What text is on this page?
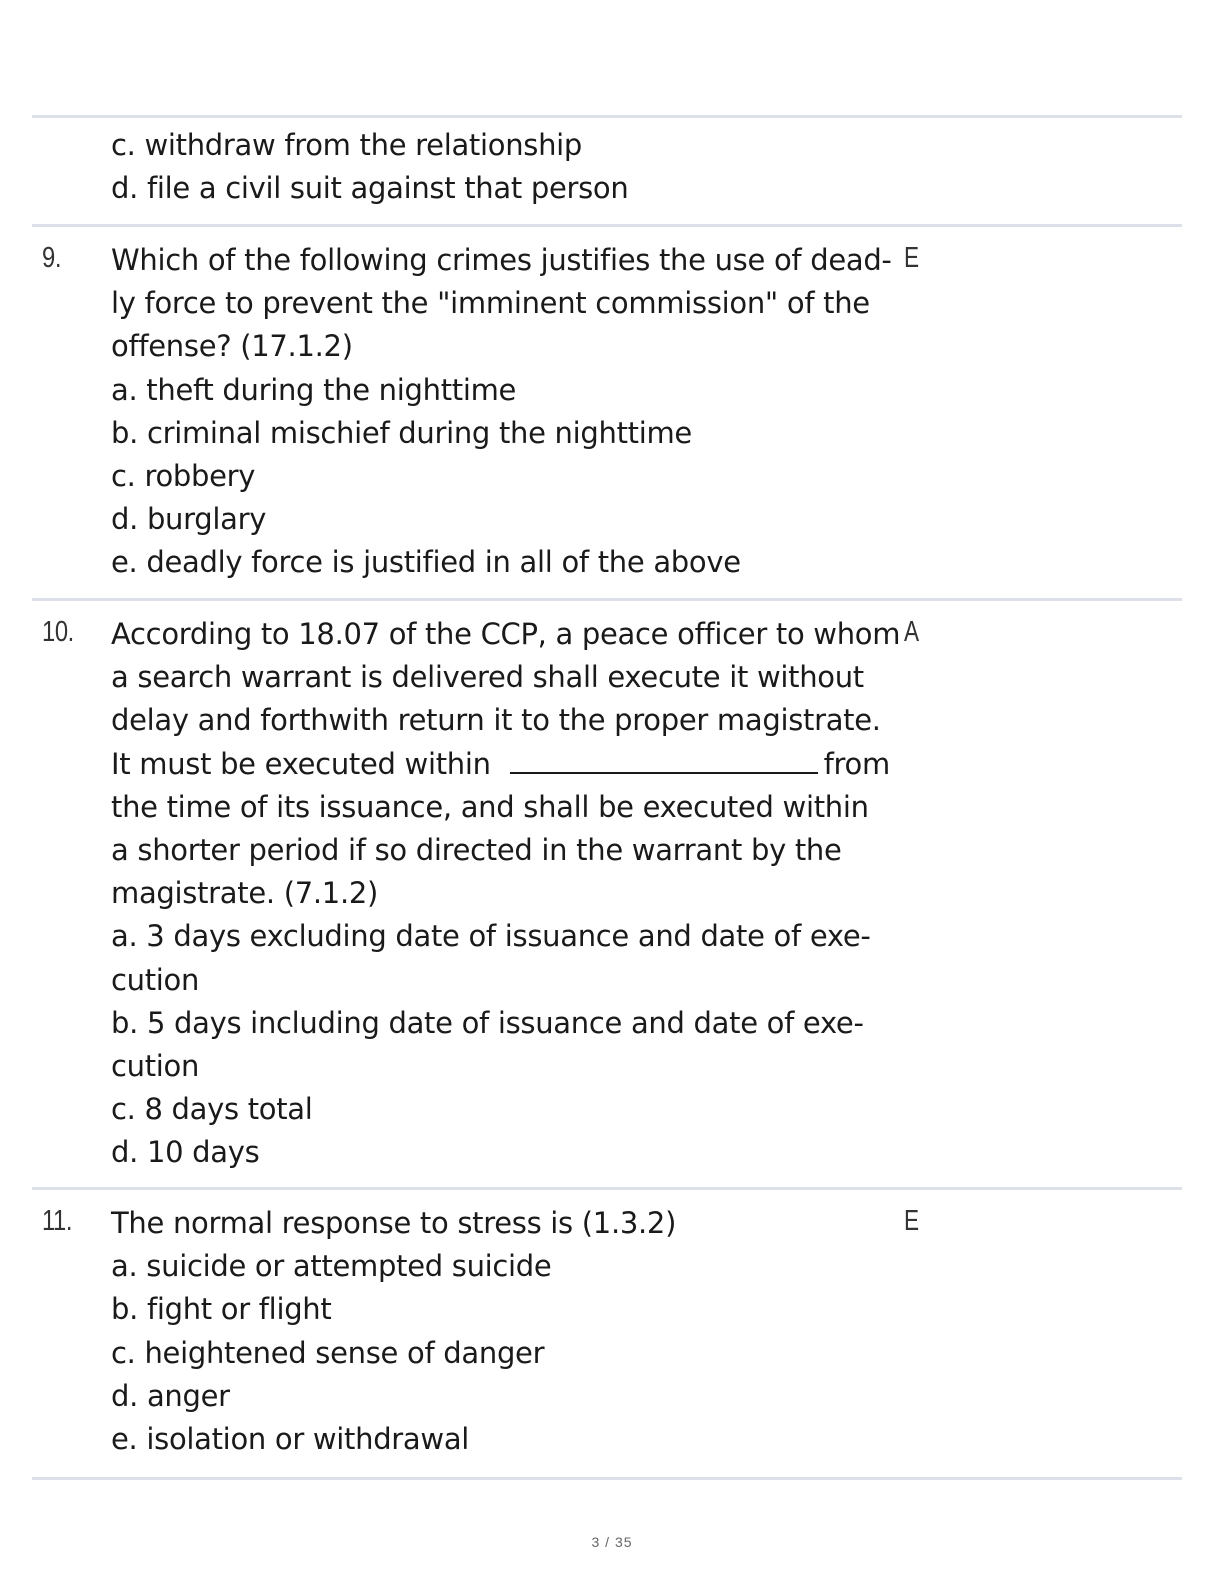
c. withdraw from the relationship
d. file a civil suit against that person
9. Which of the following crimes justifies the use of dead-
ly force to prevent the "imminent commission" of the
offense? (17.1.2)
a. theft during the nighttime
b. criminal mischief during the nighttime
c. robbery
d. burglary
e. deadly force is justified in all of the above
E
10. According to 18.07 of the CCP, a peace officer to whom
a search warrant is delivered shall execute it without
delay and forthwith return it to the proper magistrate.
It must be executed within	from
the time of its issuance, and shall be executed within
a shorter period if so directed in the warrant by the
magistrate. (7.1.2)
a. 3 days excluding date of issuance and date of exe-
cution
b. 5 days including date of issuance and date of exe-
cution
c. 8 days total
d. 10 days
A
11. The normal response to stress is (1.3.2)
a. suicide or attempted suicide
b. fight or flight
c. heightened sense of danger
d. anger
e. isolation or withdrawal
E
3 / 35
